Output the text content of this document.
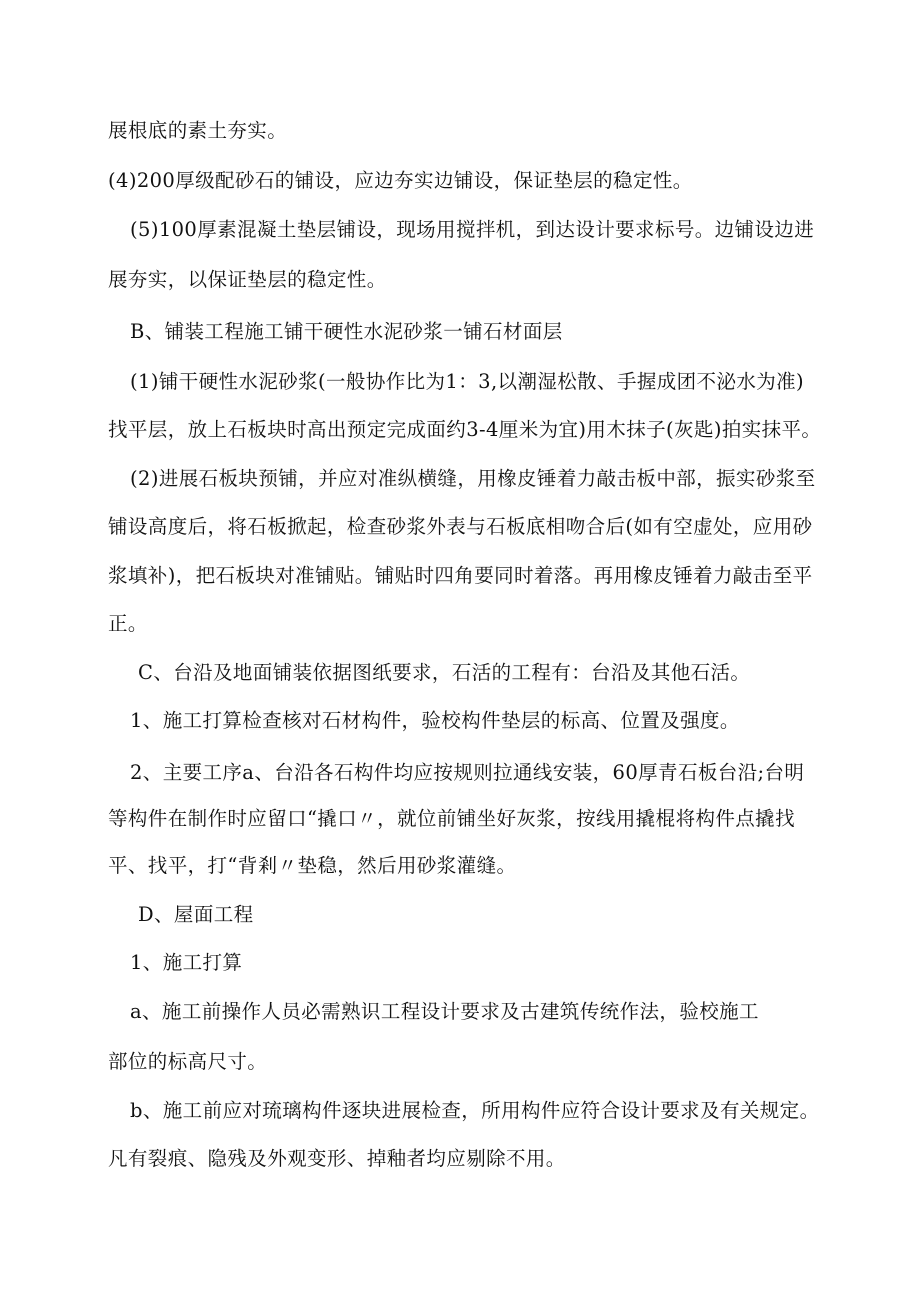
展根底的素土夯实。
(4)200厚级配砂石的铺设，应边夯实边铺设，保证垫层的稳定性。
(5)100厚素混凝土垫层铺设，现场用搅拌机，到达设计要求标号。边铺设边进
展夯实，以保证垫层的稳定性。
B、铺装工程施工铺干硬性水泥砂浆一铺石材面层
(1)铺干硬性水泥砂浆(一般协作比为1：3,以潮湿松散、手握成团不泌水为准)
找平层，放上石板块时高出预定完成面约3-4厘米为宜)用木抹子(灰匙)拍实抹平。
(2)进展石板块预铺，并应对准纵横缝，用橡皮锤着力敲击板中部，振实砂浆至
铺设高度后，将石板掀起，检查砂浆外表与石板底相吻合后(如有空虚处，应用砂
浆填补)，把石板块对准铺贴。铺贴时四角要同时着落。再用橡皮锤着力敲击至平
正。
C、台沿及地面铺装依据图纸要求，石活的工程有：台沿及其他石活。
1、施工打算检查核对石材构件，验校构件垫层的标高、位置及强度。
2、主要工序a、台沿各石构件均应按规则拉通线安装，60厚青石板台沿;台明
等构件在制作时应留口“撬口〃，就位前铺坐好灰浆，按线用撬棍将构件点撬找
平、找平，打“背剎〃垫稳，然后用砂浆灌缝。
D、屋面工程
1、施工打算
a、施工前操作人员必需熟识工程设计要求及古建筑传统作法，验校施工
部位的标高尺寸。
b、施工前应对琉璃构件逐块进展检查，所用构件应符合设计要求及有关规定。
凡有裂痕、隐残及外观变形、掉釉者均应剔除不用。
